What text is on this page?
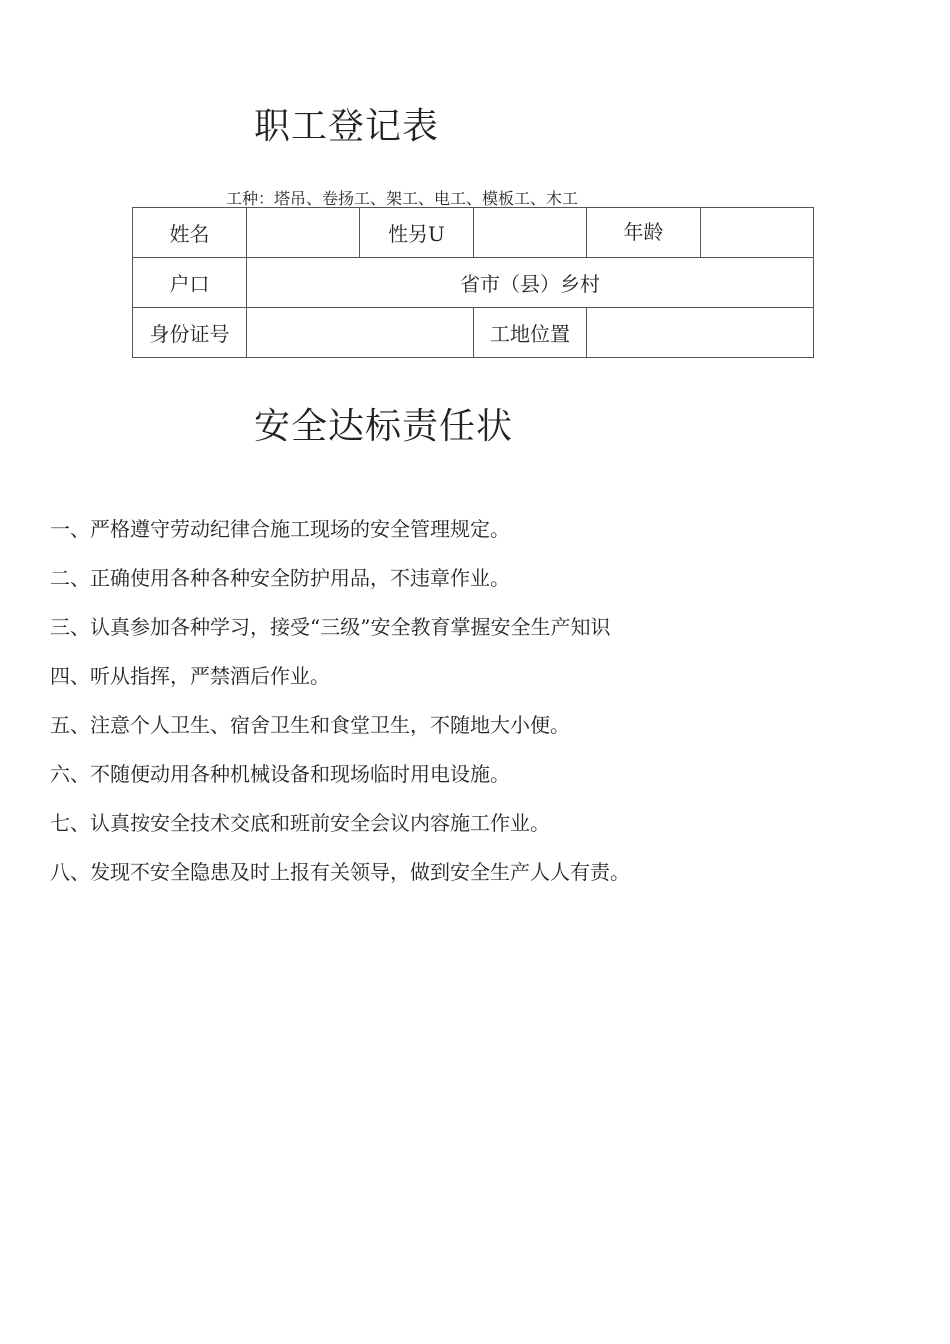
职工登记表
工种：塔吊、卷扬工、架工、电工、模板工、木工
姓名		性另U		年龄	
户口	省市（县）乡村				
身份证号			工地位置		
安全达标责任状
一、严格遵守劳动纪律合施工现场的安全管理规定。
二、正确使用各种各种安全防护用品，不违章作业。
三、认真参加各种学习，接受“三级”安全教育掌握安全生产知识
四、听从指挥，严禁酒后作业。
五、注意个人卫生、宿舍卫生和食堂卫生，不随地大小便。
六、不随便动用各种机械设备和现场临时用电设施。
七、认真按安全技术交底和班前安全会议内容施工作业。
八、发现不安全隐患及时上报有关领导，做到安全生产人人有责。
